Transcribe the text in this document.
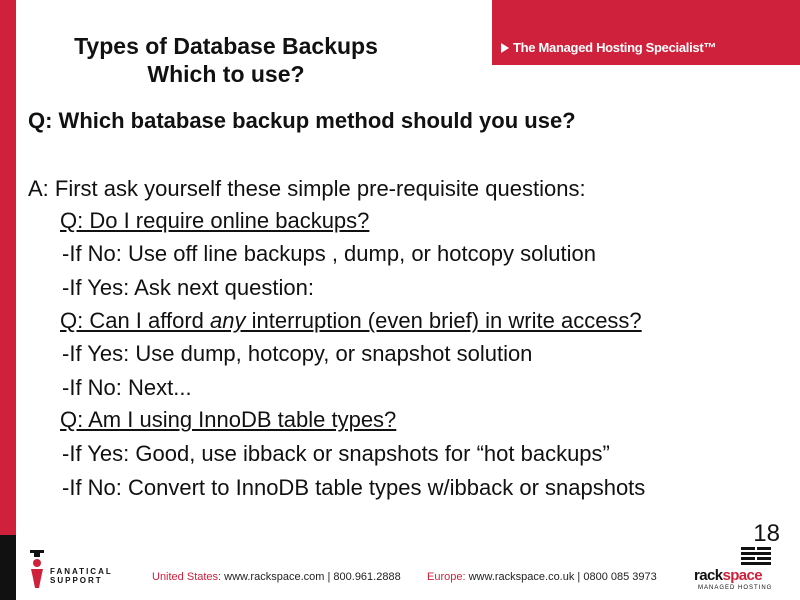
The Managed Hosting Specialist™
Types of Database Backups
Which to use?
Q: Which batabase backup method should you use?
A: First ask yourself these simple pre-requisite questions:
Q: Do I require online backups?
-If No: Use off line backups , dump, or hotcopy solution
-If Yes: Ask next question:
Q: Can I afford any interruption (even brief) in write access?
-If Yes: Use dump, hotcopy, or snapshot solution
-If No: Next...
Q: Am I using InnoDB table types?
-If Yes: Good, use ibback or snapshots for “hot backups”
-If No: Convert to InnoDB table types w/ibback or snapshots
18
FANATICAL
SUPPORT	United States: www.rackspace.com | 800.961.2888 Europe: www.rackspace.co.uk | 0800 085 3973 rackspace
MANAGED HOSTING
